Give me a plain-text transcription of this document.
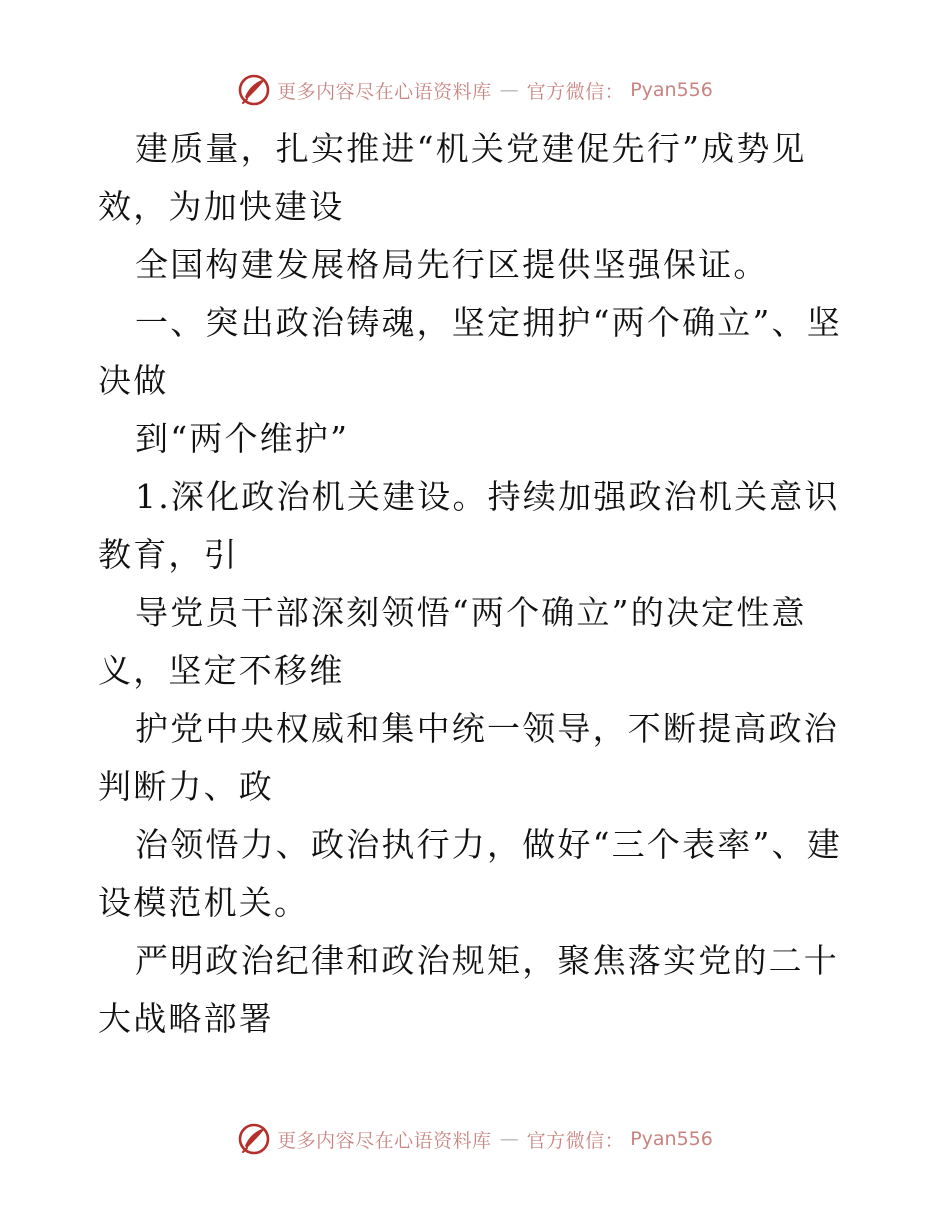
更多内容尽在心语资料库 — 官方微信： Pyan556

建质量，扎实推进“机关党建促先行”成势见效，为加快建设

全国构建发展格局先行区提供坚强保证。

一、突出政治铸魂，坚定拥护“两个确立”、坚决做

到“两个维护”

1.深化政治机关建设。持续加强政治机关意识教育，引

导党员干部深刻领悟“两个确立”的决定性意义，坚定不移维

护党中央权威和集中统一领导，不断提高政治判断力、政

治领悟力、政治执行力，做好“三个表率”、建设模范机关。

严明政治纪律和政治规矩，聚焦落实党的二十大战略部署

更多内容尽在心语资料库 — 官方微信： Pyan556
